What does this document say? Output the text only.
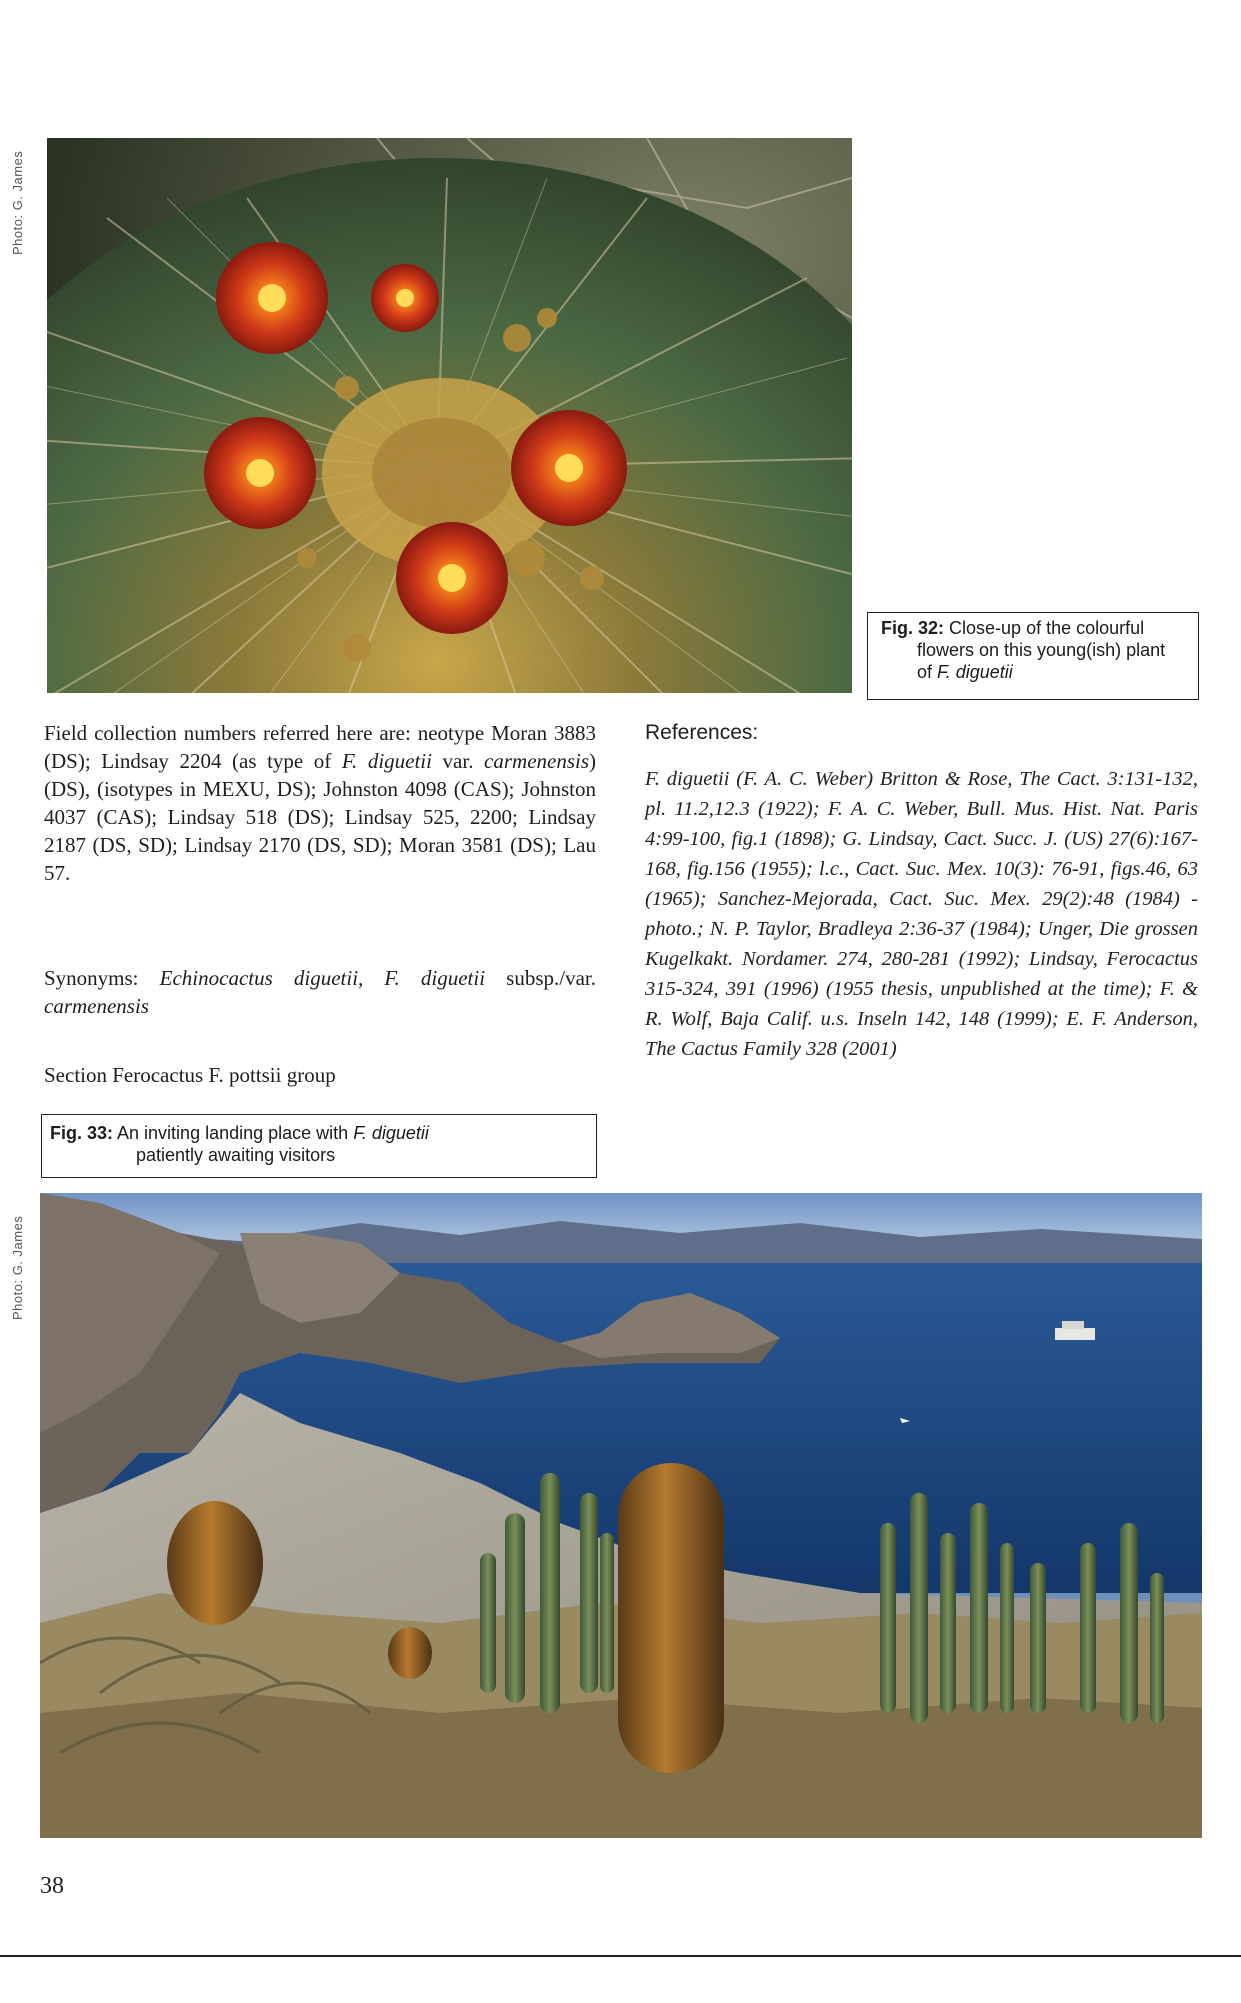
Photo: G. James
Photo: G. James
Fig. 32: Close-up of the colourful
flowers on this young(ish) plant
of F. diguetii
Field collection numbers referred here are: neotype Moran 3883 (DS); Lindsay 2204 (as type of F. diguetii var. carmenensis) (DS), (isotypes in MEXU, DS); Johnston 4098 (CAS); Johnston 4037 (CAS); Lindsay 518 (DS); Lindsay 525, 2200; Lindsay 2187 (DS, SD); Lindsay 2170 (DS, SD); Moran 3581 (DS); Lau 57.
Synonyms: Echinocactus diguetii, F. diguetii subsp./var. carmenensis
Section Ferocactus F. pottsii group
Fig. 33: An inviting landing place with F. diguetii
patiently awaiting visitors
References:
F. diguetii (F. A. C. Weber) Britton & Rose, The Cact. 3:131-132, pl. 11.2,12.3 (1922); F. A. C. Weber, Bull. Mus. Hist. Nat. Paris 4:99-100, fig.1 (1898); G. Lindsay, Cact. Succ. J. (US) 27(6):167-168, fig.156 (1955); l.c., Cact. Suc. Mex. 10(3): 76-91, figs.46, 63 (1965); Sanchez-Mejorada, Cact. Suc. Mex. 29(2):48 (1984) - photo.; N. P. Taylor, Bradleya 2:36-37 (1984); Unger, Die grossen Kugelkakt. Nordamer. 274, 280-281 (1992); Lindsay, Ferocactus 315-324, 391 (1996) (1955 thesis, unpublished at the time); F. & R. Wolf, Baja Calif. u.s. Inseln 142, 148 (1999); E. F. Anderson, The Cactus Family 328 (2001)
38
